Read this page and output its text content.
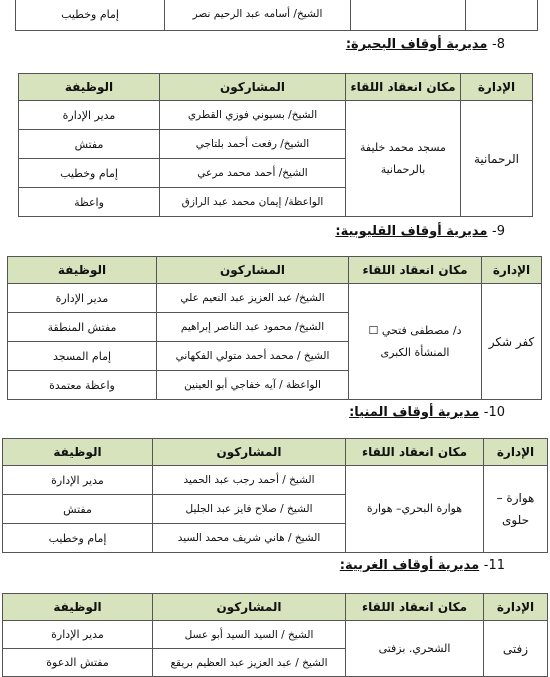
		الشيخ/ أسامه عبد الرحيم نصر	إمام وخطيب
8- مديرية أوقاف البحيرة:
الإدارة	مكان انعقاد اللقاء	المشاركون	الوظيفة
الرحمانية	مسجد محمد خليفة بالرحمانية	الشيخ/ بسيوني فوزي القطري	مدير الإدارة
		الشيخ/ رفعت أحمد بلتاجي	مفتش
		الشيخ/ أحمد محمد مرعي	إمام وخطيب
		الواعظة/ إيمان محمد عبد الرازق	واعظة
9- مديرية أوقاف القليوبية:
الإدارة	مكان انعقاد اللقاء	المشاركون	الوظيفة
كفر شكر	د/ مصطفى فتحي ☐ المنشأة الكبرى	الشيخ/ عبد العزيز عبد النعيم علي	مدير الإدارة
		الشيخ/ محمود عبد الناصر إبراهيم	مفتش المنطقة
		الشيخ / محمد أحمد متولي الفكهاني	إمام المسجد
		الواعظة / آيه خفاجي أبو العينين	واعظة معتمدة
10- مديرية أوقاف المنيا:
الإدارة	مكان انعقاد اللقاء	المشاركون	الوظيفة
هوارة – حلوى	هوارة البحري– هوارة	الشيخ / أحمد رجب عبد الحميد	مدير الإدارة
		الشيخ / صلاح فايز عبد الجليل	مفتش
		الشيخ / هاني شريف محمد السيد	إمام وخطيب
11- مديرية أوقاف الغربية:
الإدارة	مكان انعقاد اللقاء	المشاركون	الوظيفة
زفتى	الشحري. بزفتى	الشيخ / السيد السيد أبو عسل	مدير الإدارة
		الشيخ / عبد العزيز عبد العظيم بريقع	مفتش الدعوة
